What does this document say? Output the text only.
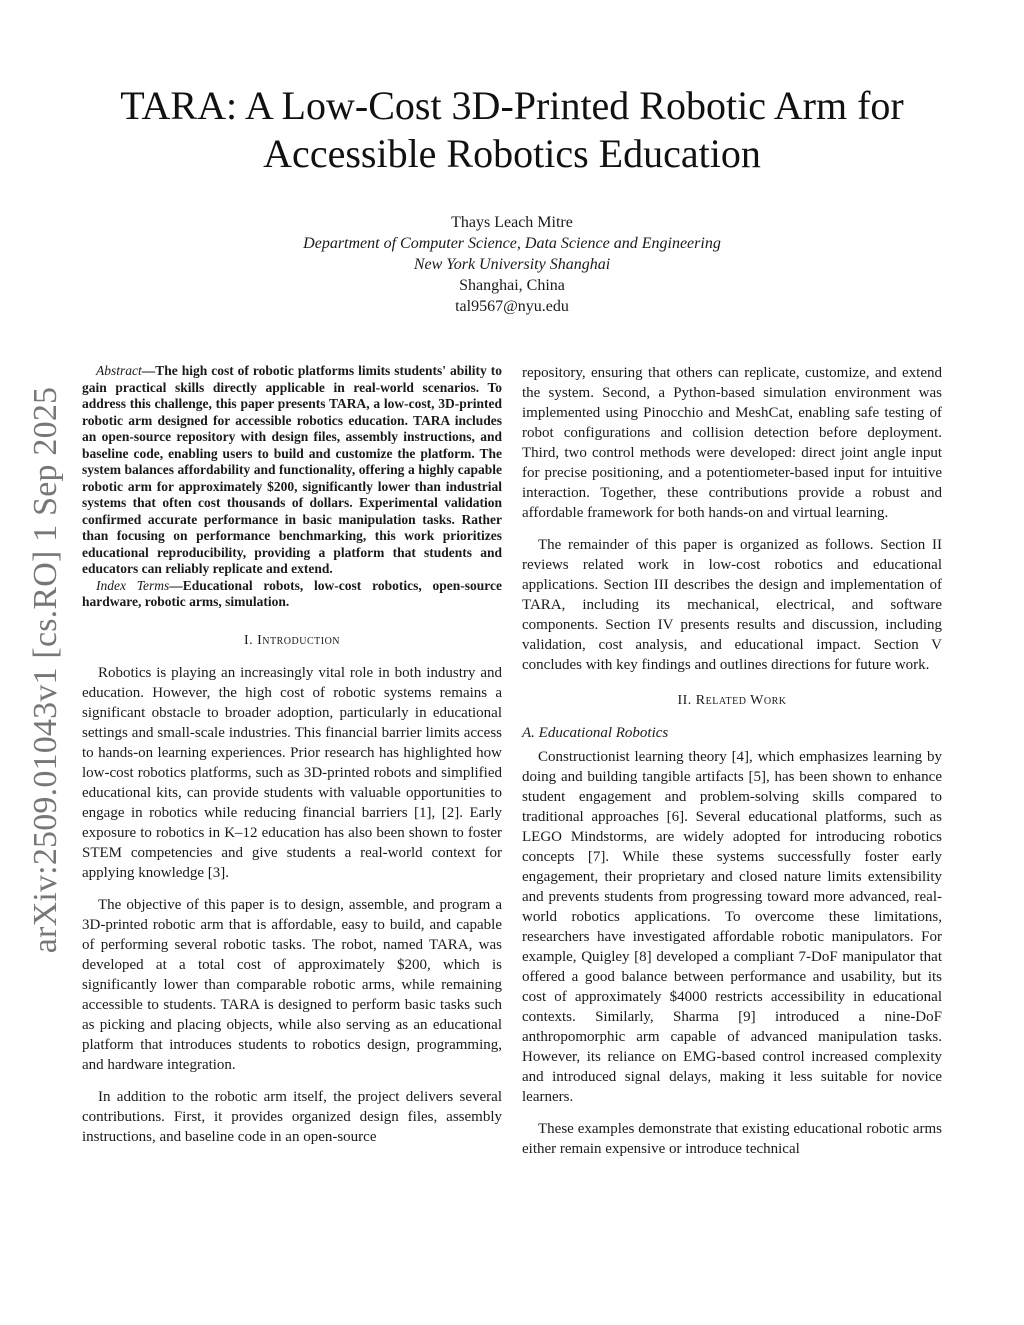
arXiv:2509.01043v1 [cs.RO] 1 Sep 2025
TARA: A Low-Cost 3D-Printed Robotic Arm for
Accessible Robotics Education
Thays Leach Mitre
Department of Computer Science, Data Science and Engineering
New York University Shanghai
Shanghai, China
tal9567@nyu.edu

Abstract—The high cost of robotic platforms limits students' ability to gain practical skills directly applicable in real-world scenarios. To address this challenge, this paper presents TARA, a low-cost, 3D-printed robotic arm designed for accessible robotics education. TARA includes an open-source repository with design files, assembly instructions, and baseline code, enabling users to build and customize the platform. The system balances affordability and functionality, offering a highly capable robotic arm for approximately $200, significantly lower than industrial systems that often cost thousands of dollars. Experimental validation confirmed accurate performance in basic manipulation tasks. Rather than focusing on performance benchmarking, this work prioritizes educational reproducibility, providing a platform that students and educators can reliably replicate and extend.

Index Terms—Educational robots, low-cost robotics, open-source hardware, robotic arms, simulation.

I. Introduction

Robotics is playing an increasingly vital role in both industry and education. However, the high cost of robotic systems remains a significant obstacle to broader adoption, particularly in educational settings and small-scale industries. This financial barrier limits access to hands-on learning experiences. Prior research has highlighted how low-cost robotics platforms, such as 3D-printed robots and simplified educational kits, can provide students with valuable opportunities to engage in robotics while reducing financial barriers [1], [2]. Early exposure to robotics in K–12 education has also been shown to foster STEM competencies and give students a real-world context for applying knowledge [3].

The objective of this paper is to design, assemble, and program a 3D-printed robotic arm that is affordable, easy to build, and capable of performing several robotic tasks. The robot, named TARA, was developed at a total cost of approximately $200, which is significantly lower than comparable robotic arms, while remaining accessible to students. TARA is designed to perform basic tasks such as picking and placing objects, while also serving as an educational platform that introduces students to robotics design, programming, and hardware integration.

In addition to the robotic arm itself, the project delivers several contributions. First, it provides organized design files, assembly instructions, and baseline code in an open-source

repository, ensuring that others can replicate, customize, and extend the system. Second, a Python-based simulation environment was implemented using Pinocchio and MeshCat, enabling safe testing of robot configurations and collision detection before deployment. Third, two control methods were developed: direct joint angle input for precise positioning, and a potentiometer-based input for intuitive interaction. Together, these contributions provide a robust and affordable framework for both hands-on and virtual learning.

The remainder of this paper is organized as follows. Section II reviews related work in low-cost robotics and educational applications. Section III describes the design and implementation of TARA, including its mechanical, electrical, and software components. Section IV presents results and discussion, including validation, cost analysis, and educational impact. Section V concludes with key findings and outlines directions for future work.

II. Related Work
A. Educational Robotics

Constructionist learning theory [4], which emphasizes learning by doing and building tangible artifacts [5], has been shown to enhance student engagement and problem-solving skills compared to traditional approaches [6]. Several educational platforms, such as LEGO Mindstorms, are widely adopted for introducing robotics concepts [7]. While these systems successfully foster early engagement, their proprietary and closed nature limits extensibility and prevents students from progressing toward more advanced, real-world robotics applications. To overcome these limitations, researchers have investigated affordable robotic manipulators. For example, Quigley [8] developed a compliant 7-DoF manipulator that offered a good balance between performance and usability, but its cost of approximately $4000 restricts accessibility in educational contexts. Similarly, Sharma [9] introduced a nine-DoF anthropomorphic arm capable of advanced manipulation tasks. However, its reliance on EMG-based control increased complexity and introduced signal delays, making it less suitable for novice learners.

These examples demonstrate that existing educational robotic arms either remain expensive or introduce technical
